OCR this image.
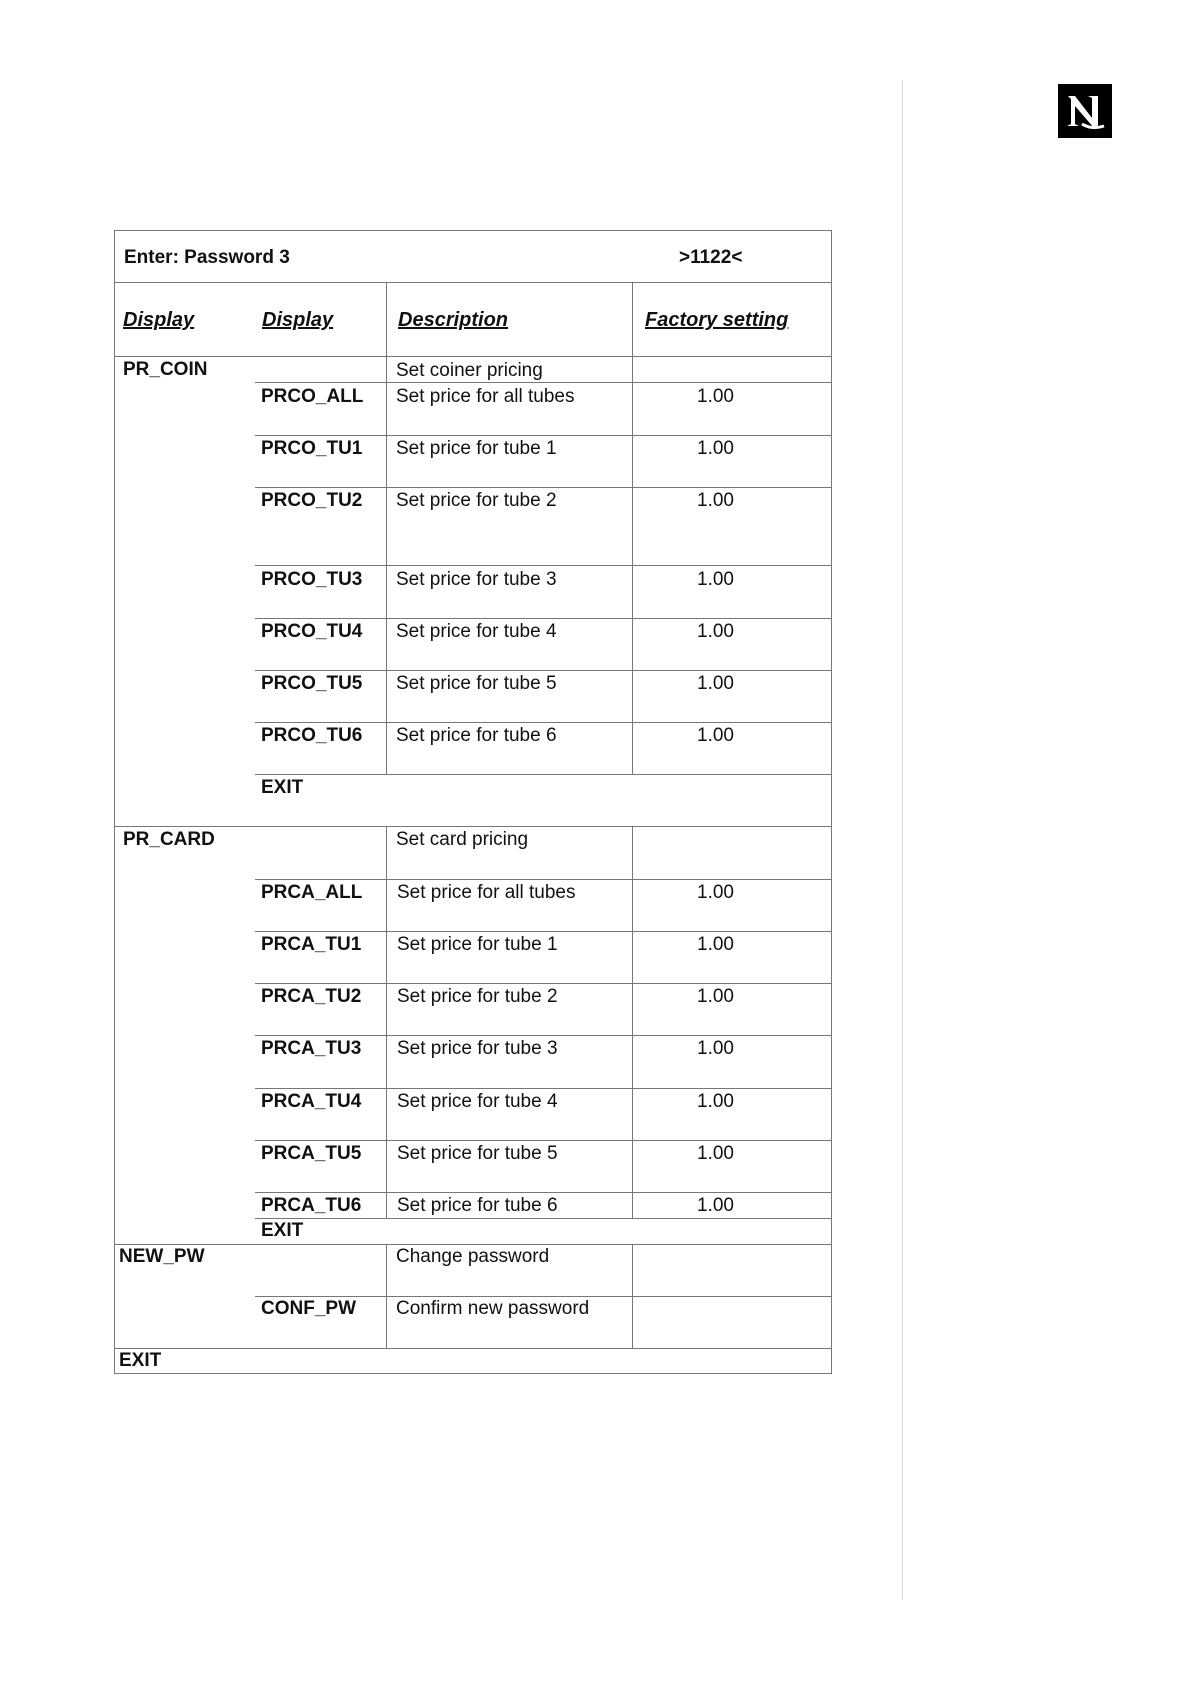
Enter: Password 3	>1122<
Display	Display	Description	Factory setting
PR_COIN	Set coiner pricing
PRCO_ALL Set price for all tubes	1.00
PRCO_TU1 Set price for tube 1	1.00
PRCO_TU2 Set price for tube 2	1.00
PRCO_TU3 Set price for tube 3	1.00
PRCO_TU4 Set price for tube 4	1.00
PRCO_TU5 Set price for tube 5	1.00
PRCO_TU6 Set price for tube 6	1.00
EXIT
PR_CARD	Set card pricing
PRCA_ALL Set price for all tubes	1.00
PRCA_TU1 Set price for tube 1	1.00
PRCA_TU2 Set price for tube 2	1.00
PRCA_TU3 Set price for tube 3	1.00
PRCA_TU4 Set price for tube 4	1.00
PRCA_TU5 Set price for tube 5	1.00
PRCA_TU6 Set price for tube 6	1.00
EXIT
NEW_PW	Change password
CONF_PW Confirm new password
EXIT
